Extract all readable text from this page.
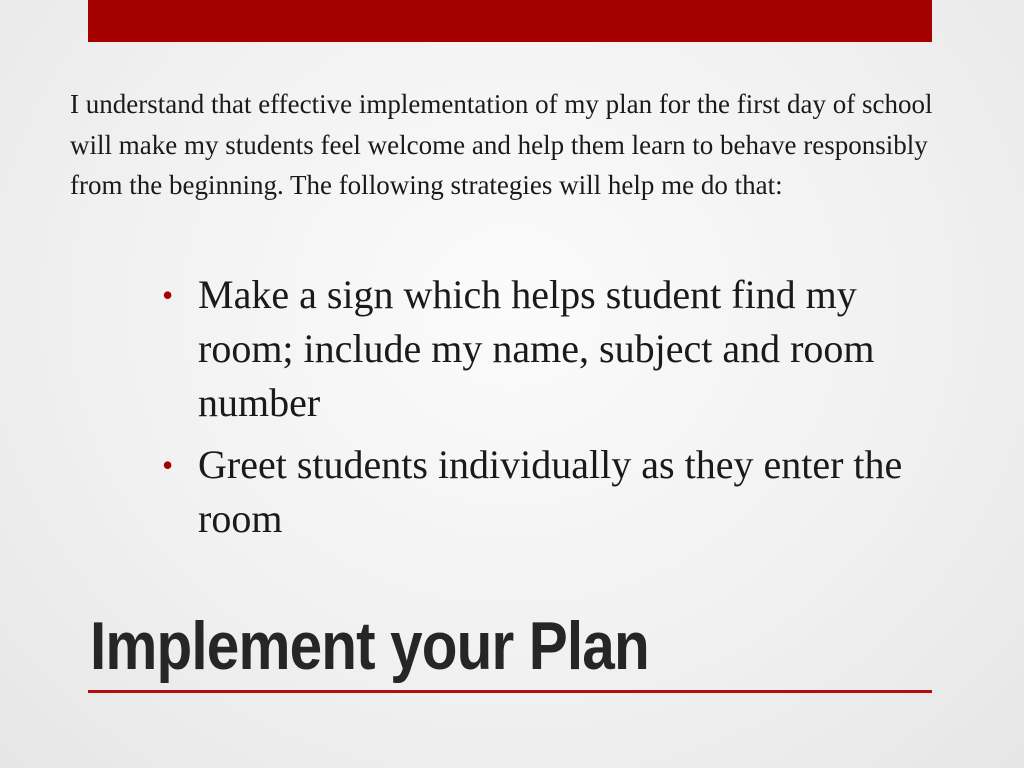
I understand that effective implementation of my plan for the first day of school will make my students feel welcome and help them learn to behave responsibly from the beginning. The following strategies will help me do that:

• Make a sign which helps student find my room; include my name, subject and room number
• Greet students individually as they enter the room
Implement your Plan
